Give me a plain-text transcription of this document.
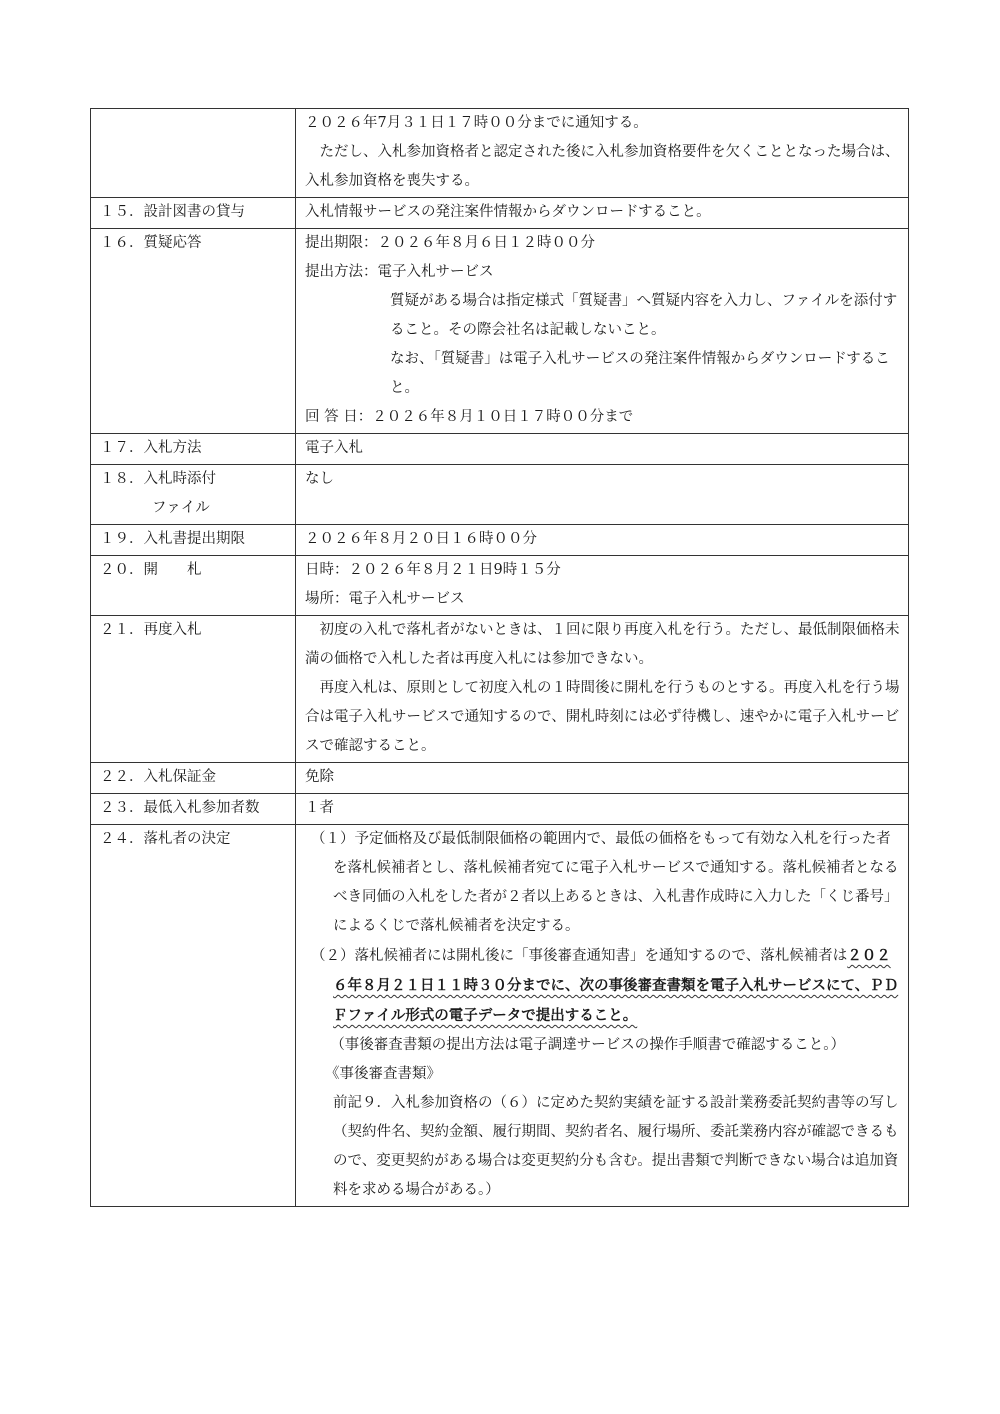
	２０２６年7月３１日１７時００分までに通知する。

　ただし、入札参加資格者と認定された後に入札参加資格要件を欠くこととなった場合は、入札参加資格を喪失する。

１５．設計図書の貸与	入札情報サービスの発注案件情報からダウンロードすること。
１６．質疑応答	提出期限：２０２６年８月６日１２時００分

提出方法：電子入札サービス

質疑がある場合は指定様式「質疑書」へ質疑内容を入力し、ファイルを添付すること。その際会社名は記載しないこと。

なお、「質疑書」は電子入札サービスの発注案件情報からダウンロードすること。

回 答 日：２０２６年８月１０日１７時００分まで

１７．入札方法	電子入札

１８．入札時添付
ファイル	なし
１９．入札書提出期限	２０２６年８月２０日１６時００分
２０．開　　札	日時：２０２６年８月２１日9時１５分

場所：電子入札サービス

２１．再度入札	初度の入札で落札者がないときは、１回に限り再度入札を行う。ただし、最低制限価格未満の価格で入札した者は再度入札には参加できない。

再度入札は、原則として初度入札の１時間後に開札を行うものとする。再度入札を行う場合は電子入札サービスで通知するので、開札時刻には必ず待機し、速やかに電子入札サービスで確認すること。

２２．入札保証金	免除
２３．最低入札参加者数	１者
２４．落札者の決定	（１）予定価格及び最低制限価格の範囲内で、最低の価格をもって有効な入札を行った者を落札候補者とし、落札候補者宛てに電子入札サービスで通知する。落札候補者となるべき同価の入札をした者が２者以上あるときは、入札書作成時に入力した「くじ番号」によるくじで落札候補者を決定する。

（２）落札候補者には開札後に「事後審査通知書」を通知するので、落札候補者は２０２６年８月２１日１１時３０分までに、次の事後審査書類を電子入札サービスにて、ＰＤＦファイル形式の電子データで提出すること。

（事後審査書類の提出方法は電子調達サービスの操作手順書で確認すること。）

《事後審査書類》

前記９．入札参加資格の（６）に定めた契約実績を証する設計業務委託契約書等の写し（契約件名、契約金額、履行期間、契約者名、履行場所、委託業務内容が確認できるもので、変更契約がある場合は変更契約分も含む。提出書類で判断できない場合は追加資料を求める場合がある。）
